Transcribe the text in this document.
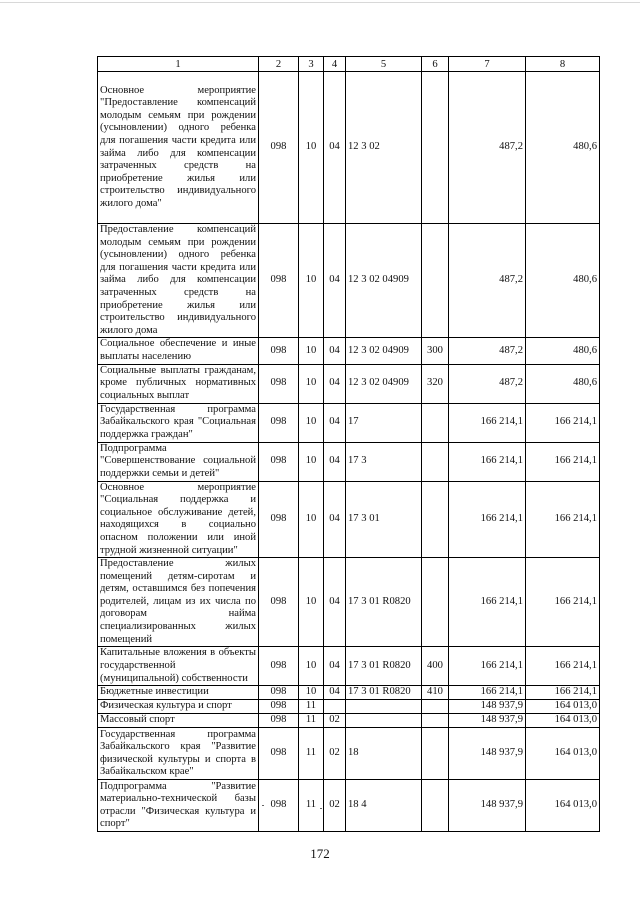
1	2	3	4	5	6	7	8
Основное мероприятие "Предоставление компенсаций молодым семьям при рождении (усыновлении) одного ребенка для погашения части кредита или займа либо для компенсации затраченных средств на приобретение жилья или строительство индивидуального жилого дома"	098	10	04	12 3 02		487,2	480,6
Предоставление компенсаций молодым семьям при рождении (усыновлении) одного ребенка для погашения части кредита или займа либо для компенсации затраченных средств на приобретение жилья или строительство индивидуального жилого дома	098	10	04	12 3 02 04909		487,2	480,6
Социальное обеспечение и иные выплаты населению	098	10	04	12 3 02 04909	300	487,2	480,6
Социальные выплаты гражданам, кроме публичных нормативных социальных выплат	098	10	04	12 3 02 04909	320	487,2	480,6
Государственная программа Забайкальского края "Социальная поддержка граждан"	098	10	04	17		166 214,1	166 214,1
Подпрограмма "Совершенствование социальной поддержки семьи и детей"	098	10	04	17 3		166 214,1	166 214,1
Основное мероприятие "Социальная поддержка и социальное обслуживание детей, находящихся в социально опасном положении или иной трудной жизненной ситуации"	098	10	04	17 3 01		166 214,1	166 214,1
Предоставление жилых помещений детям-сиротам и детям, оставшимся без попечения родителей, лицам из их числа по договорам найма специализированных жилых помещений	098	10	04	17 3 01 R0820		166 214,1	166 214,1
Капитальные вложения в объекты государственной (муниципальной) собственности	098	10	04	17 3 01 R0820	400	166 214,1	166 214,1
Бюджетные инвестиции	098	10	04	17 3 01 R0820	410	166 214,1	166 214,1
Физическая культура и спорт	098	11				148 937,9	164 013,0
Массовый спорт	098	11	02			148 937,9	164 013,0
Государственная программа Забайкальского края "Развитие физической культуры и спорта в Забайкальском крае"	098	11	02	18		148 937,9	164 013,0
Подпрограмма "Развитие материально-технической базы отрасли "Физическая культура и спорт"	098	11	02	18 4		148 937,9	164 013,0
172
